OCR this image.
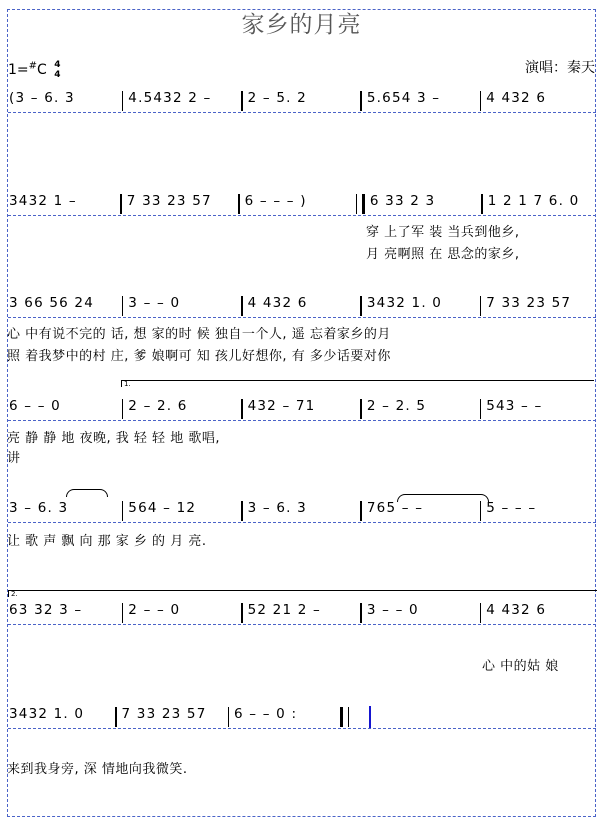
家乡的月亮
1=#C 4
4	演唱：秦天
(3 – 6. 3	4.5432 2 –	2 – 5. 2	5.654 3 –	4 432 6
3432 1 –	7 33 23 57	6 – – – )	6 33 2 3	1 2 1 7 6. 0
穿 上了军 装 当兵到他乡,
月 亮啊照 在 思念的家乡,
3 66 56 24	3 – – 0	4 432 6	3432 1. 0	7 33 23 57
心 中有说不完的 话, 想 家的时 候 独自一个人, 遥 忘着家乡的月
照 着我梦中的村 庄, 爹 娘啊可 知 孩儿好想你, 有 多少话要对你
1.
6 – – 0	2 – 2. 6	432 – 71	2 – 2. 5	543 – –
亮 静 静 地 夜晚, 我 轻 轻 地 歌唱,
讲
3 – 6. 3	564 – 12	3 – 6. 3	765 – –	5 – – –
让 歌 声 飘 向 那 家 乡 的 月 亮.
2.
63 32 3 –	2 – – 0	52 21 2 –	3 – – 0	4 432 6
心 中的姑 娘
3432 1. 0	7 33 23 57	6 – – 0 :
来到我身旁, 深 情地向我微笑.
